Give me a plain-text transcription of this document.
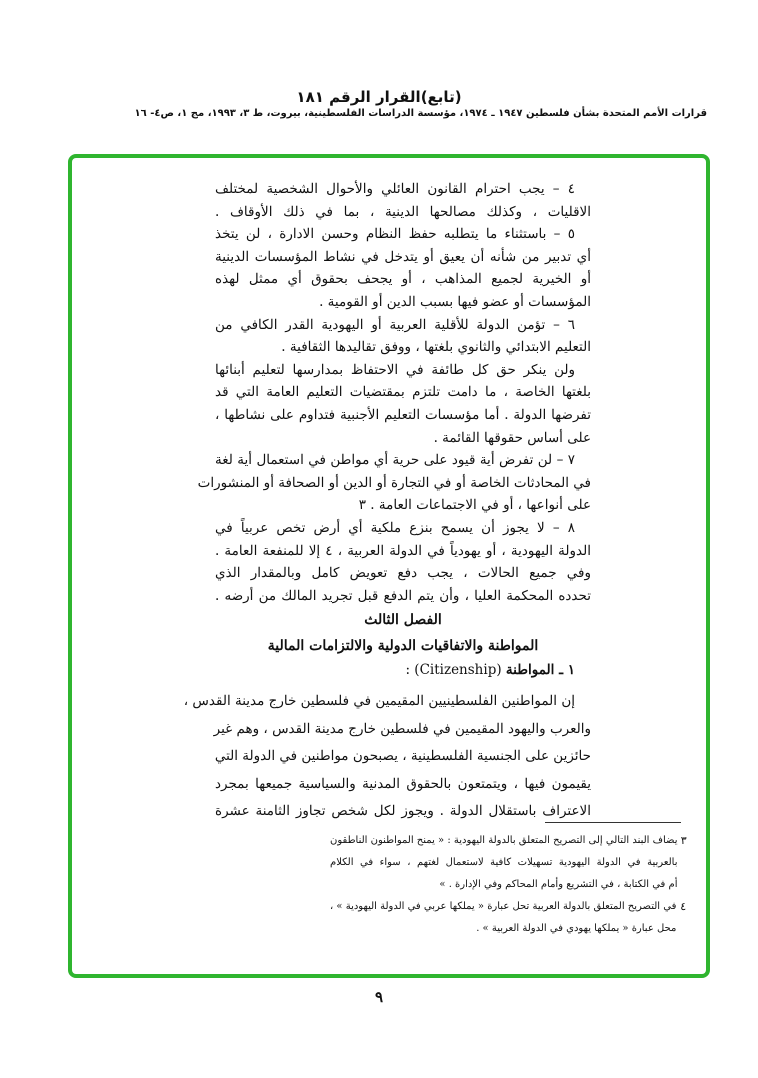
(تابع)القرار الرقم ١٨١
قرارات الأمم المتحدة بشأن فلسطين ١٩٤٧ ـ ١٩٧٤، مؤسسة الدراسات الفلسطينية، بيروت، ط ٣، ١٩٩٣، مج ١، ص٤- ١٦
٤ – يجب احترام القانون العائلي والأحوال الشخصية لمختلف
الاقليات ، وكذلك مصالحها الدينية ، بما في ذلك الأوقاف .
٥ – باستثناء ما يتطلبه حفظ النظام وحسن الادارة ، لن يتخذ
أي تدبير من شأنه أن يعيق أو يتدخل في نشاط المؤسسات الدينية
أو الخيرية لجميع المذاهب ، أو يجحف بحقوق أي ممثل لهذه
المؤسسات أو عضو فيها بسبب الدين أو القومية .
٦ – تؤمن الدولة للأقلية العربية أو اليهودية القدر الكافي من
التعليم الابتدائي والثانوي بلغتها ، ووفق تقاليدها الثقافية .
ولن ينكر حق كل طائفة في الاحتفاظ بمدارسها لتعليم أبنائها
بلغتها الخاصة ، ما دامت تلتزم بمقتضيات التعليم العامة التي قد
تفرضها الدولة . أما مؤسسات التعليم الأجنبية فتداوم على نشاطها ،
على أساس حقوقها القائمة .
٧ – لن تفرض أية قيود على حرية أي مواطن في استعمال أية لغة
في المحادثات الخاصة أو في التجارة أو الدين أو الصحافة أو المنشورات
على أنواعها ، أو في الاجتماعات العامة . ٣
٨ – لا يجوز أن يسمح بنزع ملكية أي أرض تخص عربياً في
الدولة اليهودية ، أو يهودياً في الدولة العربية ، ٤ إلا للمنفعة العامة .
وفي جميع الحالات ، يجب دفع تعويض كامل وبالمقدار الذي
تحدده المحكمة العليا ، وأن يتم الدفع قبل تجريد المالك من أرضه .
الفصل الثالث
المواطنة والاتفاقيات الدولية والالتزامات المالية
١ ـ المواطنة (Citizenship) :
إن المواطنين الفلسطينيين المقيمين في فلسطين خارج مدينة القدس ،
والعرب واليهود المقيمين في فلسطين خارج مدينة القدس ، وهم غير
حائزين على الجنسية الفلسطينية ، يصبحون مواطنين في الدولة التي
يقيمون فيها ، ويتمتعون بالحقوق المدنية والسياسية جميعها بمجرد
الاعتراف باستقلال الدولة . ويجوز لكل شخص تجاوز الثامنة عشرة
٣
يضاف البند التالي إلى التصريح المتعلق بالدولة اليهودية : « يمنح المواطنون الناطقون
بالعربية في الدولة اليهودية تسهيلات كافية لاستعمال لغتهم ، سواء في الكلام
أم في الكتابة ، في التشريع وأمام المحاكم وفي الإدارة . »
٤
في التصريح المتعلق بالدولة العربية تحل عبارة « يملكها عربي في الدولة اليهودية » ،
محل عبارة « يملكها يهودي في الدولة العربية » .
٩
